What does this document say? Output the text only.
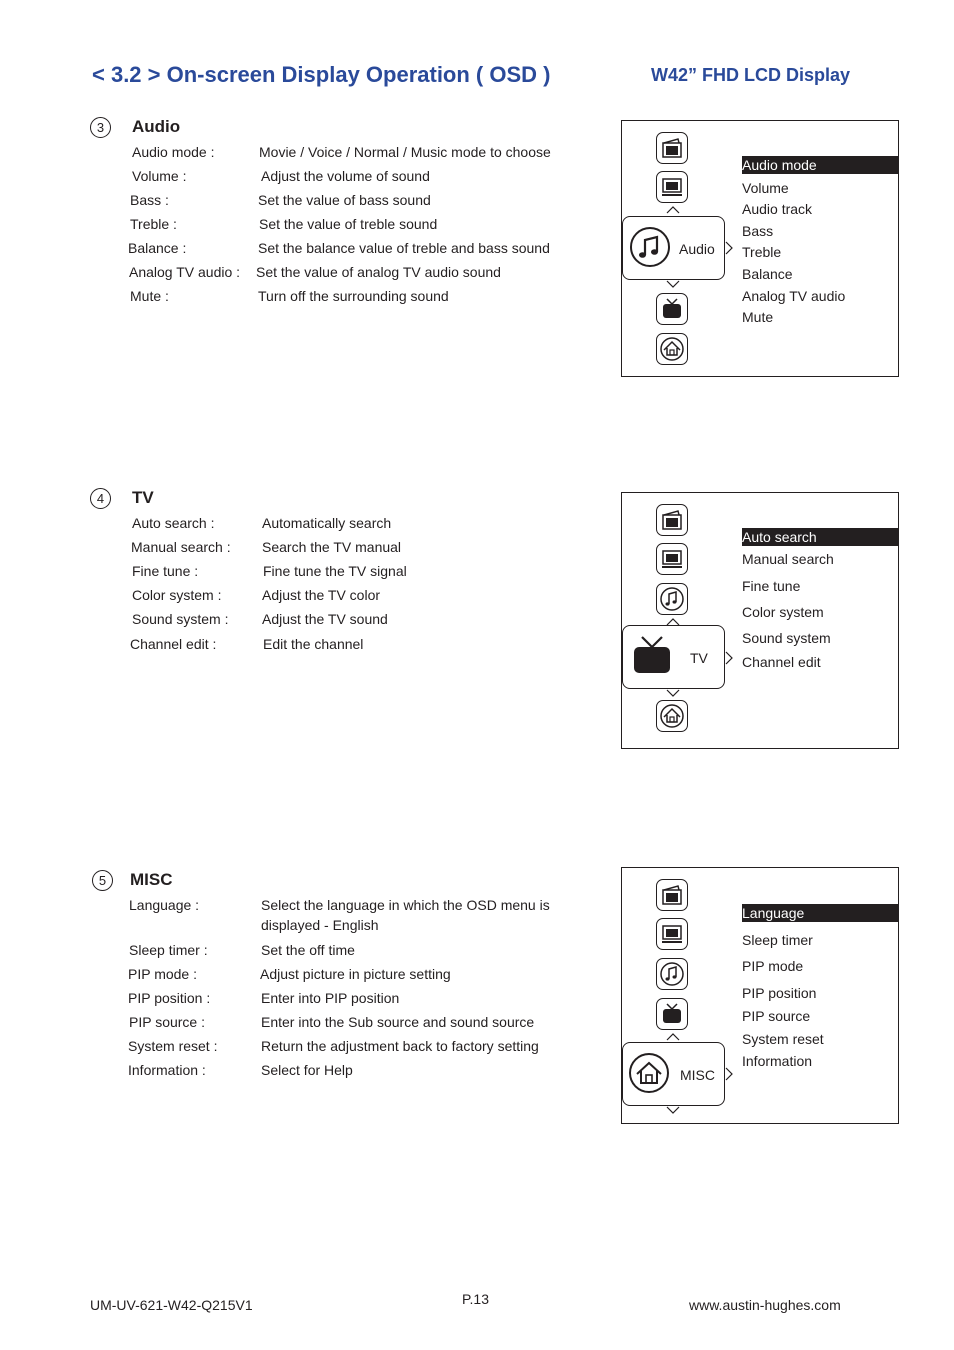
< 3.2 > On-screen Display Operation ( OSD )	W42” FHD LCD Display
3	Audio
Audio mode :	Movie / Voice / Normal / Music mode to choose
Volume :	Adjust the volume of sound
Bass :	Set the value of bass sound
Treble :	Set the value of treble sound
Balance :	Set the balance value of treble and bass sound
Analog TV audio : Set the value of analog TV audio sound
Mute :	Turn off the surrounding sound
Audio
Audio mode
Volume
Audio track
Bass
Treble
Balance
Analog TV audio
Mute
4	TV
Auto search :	Automatically search
Manual search : Search the TV manual
Fine tune :	Fine tune the TV signal
Color system :	Adjust the TV color
Sound system : Adjust the TV sound
Channel edit :	Edit the channel
TV
Auto search
Manual search
Fine tune
Color system
Sound system
Channel edit
5	MISC
Language :	Select the language in which the OSD menu is
displayed - English
Sleep timer :	Set the off time
PIP mode :	Adjust picture in picture setting
PIP position :	Enter into PIP position
PIP source :	Enter into the Sub source and sound source
System reset :	Return the adjustment back to factory setting
Information :	Select for Help	MISC
Language
Sleep timer
PIP mode
PIP position
PIP source
System reset
Information
UM-UV-621-W42-Q215V1	P.13	www.austin-hughes.com
